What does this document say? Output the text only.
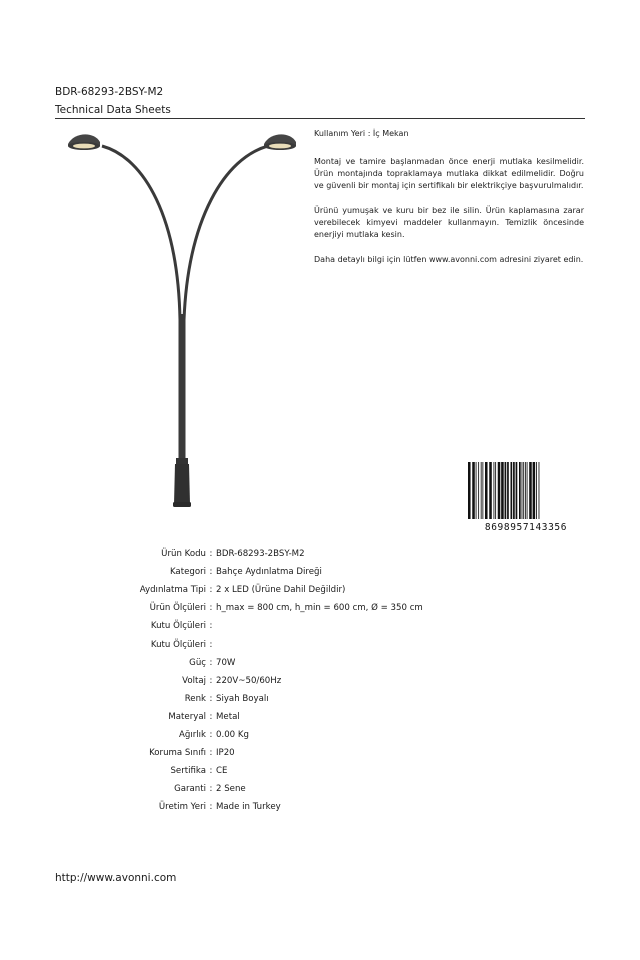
BDR-68293-2BSY-M2
Technical Data Sheets

Kullanım Yeri : İç Mekan

Montaj ve tamire başlanmadan önce enerji mutlaka kesilmelidir. Ürün montajında topraklamaya mutlaka dikkat edilmelidir. Doğru ve güvenli bir montaj için sertifikalı bir elektrikçiye başvurulmalıdır.

Ürünü yumuşak ve kuru bir bez ile silin. Ürün kaplamasına zarar verebilecek kimyevi maddeler kullanmayın. Temizlik öncesinde enerjiyi mutlaka kesin.

Daha detaylı bilgi için lütfen www.avonni.com adresini ziyaret edin.

8698957143356
Ürün Kodu : BDR-68293-2BSY-M2
Kategori : Bahçe Aydınlatma Direği
Aydınlatma Tipi : 2 x LED (Ürüne Dahil Değildir)
Ürün Ölçüleri : h_max = 800 cm, h_min = 600 cm, Ø = 350 cm
Kutu Ölçüleri :
Kutu Ölçüleri :
Güç : 70W
Voltaj : 220V~50/60Hz
Renk : Siyah Boyalı
Materyal : Metal
Ağırlık : 0.00 Kg
Koruma Sınıfı : IP20
Sertifika : CE
Garanti : 2 Sene
Üretim Yeri : Made in Turkey
http://www.avonni.com
